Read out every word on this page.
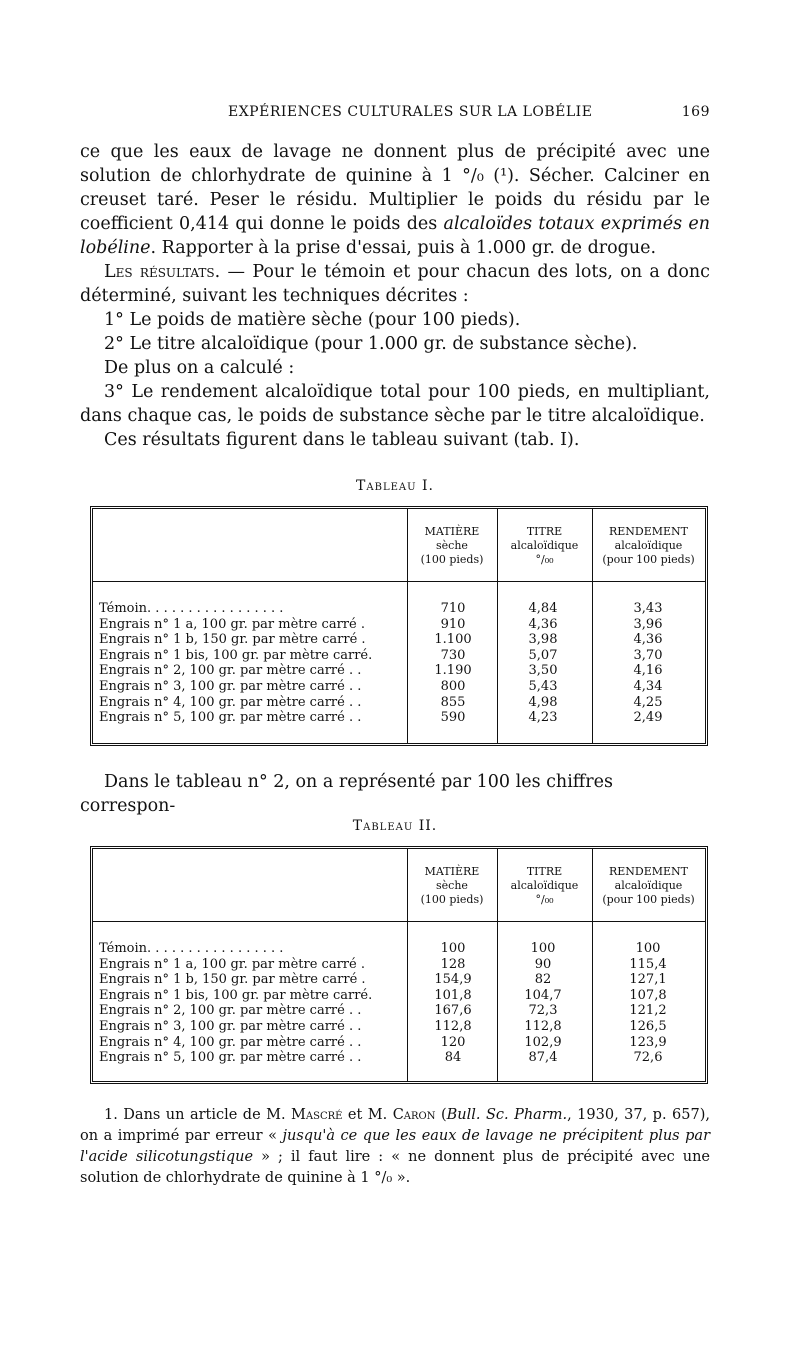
EXPÉRIENCES CULTURALES SUR LA LOBÉLIE	169

ce que les eaux de lavage ne donnent plus de précipité avec une solution de chlorhydrate de quinine à 1 °/₀ (¹). Sécher. Calciner en creuset taré. Peser le résidu. Multiplier le poids du résidu par le coefficient 0,414 qui donne le poids des alcaloïdes totaux exprimés en lobéline. Rapporter à la prise d'essai, puis à 1.000 gr. de drogue.

Les résultats. — Pour le témoin et pour chacun des lots, on a donc déterminé, suivant les techniques décrites :

1° Le poids de matière sèche (pour 100 pieds).

2° Le titre alcaloïdique (pour 1.000 gr. de substance sèche).

De plus on a calculé :

3° Le rendement alcaloïdique total pour 100 pieds, en multipliant, dans chaque cas, le poids de substance sèche par le titre alcaloïdique.

Ces résultats figurent dans le tableau suivant (tab. I).

Tableau I.
MATIÈRE
sèche
(100 pieds)
TITRE
alcaloïdique
°/₀₀
RENDEMENT
alcaloïdique
(pour 100 pieds)
Témoin. . . . . . . . . . . . . . . . .	710	4,84	3,43
Engrais n° 1 a, 100 gr. par mètre carré .	910	4,36	3,96
Engrais n° 1 b, 150 gr. par mètre carré .	1.100	3,98	4,36
Engrais n° 1 bis, 100 gr. par mètre carré.	730	5,07	3,70
Engrais n° 2, 100 gr. par mètre carré . .	1.190	3,50	4,16
Engrais n° 3, 100 gr. par mètre carré . .	800	5,43	4,34
Engrais n° 4, 100 gr. par mètre carré . .	855	4,98	4,25
Engrais n° 5, 100 gr. par mètre carré . .	590	4,23	2,49
Dans le tableau n° 2, on a représenté par 100 les chiffres correspon-
Tableau II.
MATIÈRE
sèche
(100 pieds)
TITRE
alcaloïdique
°/₀₀
RENDEMENT
alcaloïdique
(pour 100 pieds)
Témoin. . . . . . . . . . . . . . . . .	100	100	100
Engrais n° 1 a, 100 gr. par mètre carré .	128	90	115,4
Engrais n° 1 b, 150 gr. par mètre carré .	154,9	82	127,1
Engrais n° 1 bis, 100 gr. par mètre carré.	101,8	104,7	107,8
Engrais n° 2, 100 gr. par mètre carré . .	167,6	72,3	121,2
Engrais n° 3, 100 gr. par mètre carré . .	112,8	112,8	126,5
Engrais n° 4, 100 gr. par mètre carré . .	120	102,9	123,9
Engrais n° 5, 100 gr. par mètre carré . .	84	87,4	72,6

1. Dans un article de M. Mascré et M. Caron (Bull. Sc. Pharm., 1930, 37, p. 657), on a imprimé par erreur « jusqu'à ce que les eaux de lavage ne précipitent plus par l'acide silicotungstique » ; il faut lire : « ne donnent plus de précipité avec une solution de chlorhydrate de quinine à 1 °/₀ ».
